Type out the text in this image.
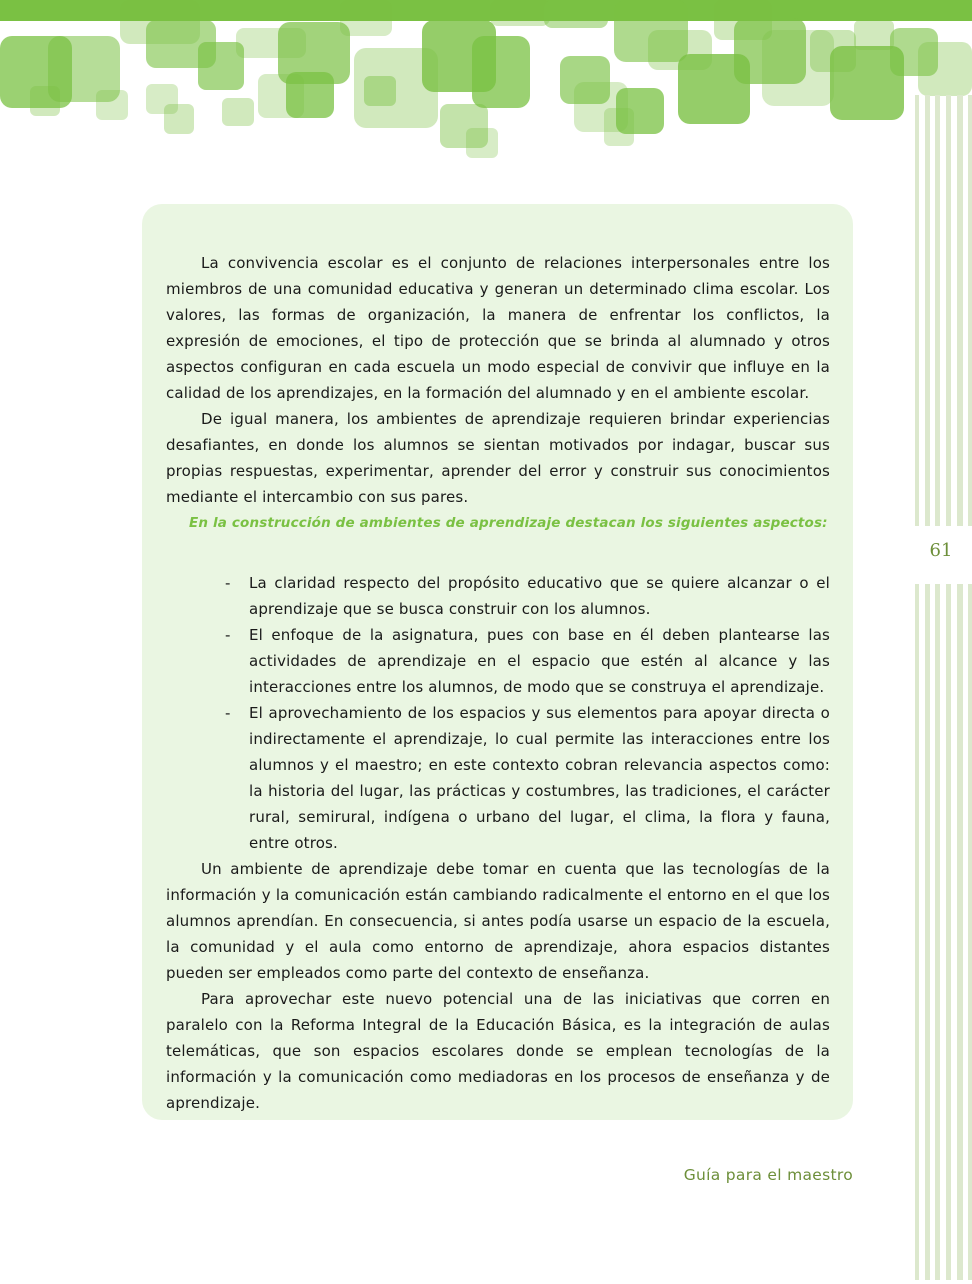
61

La convivencia escolar es el conjunto de relaciones interpersonales entre los miembros de una comunidad educativa y generan un determinado clima escolar. Los valores, las formas de organización, la manera de enfrentar los conflictos, la expresión de emociones, el tipo de protección que se brinda al alumnado y otros aspectos configuran en cada escuela un modo especial de convivir que influye en la calidad de los aprendizajes, en la formación del alumnado y en el ambiente escolar.

De igual manera, los ambientes de aprendizaje requieren brindar experiencias desafiantes, en donde los alumnos se sientan motivados por indagar, buscar sus propias respuestas, experimentar, aprender del error y construir sus conocimientos mediante el intercambio con sus pares.

En la construcción de ambientes de aprendizaje destacan los siguientes aspectos:

- La claridad respecto del propósito educativo que se quiere alcanzar o el aprendizaje que se busca construir con los alumnos.
- El enfoque de la asignatura, pues con base en él deben plantearse las actividades de aprendizaje en el espacio que estén al alcance y las interacciones entre los alumnos, de modo que se construya el aprendizaje.
- El aprovechamiento de los espacios y sus elementos para apoyar directa o indirectamente el aprendizaje, lo cual permite las interacciones entre los alumnos y el maestro; en este contexto cobran relevancia aspectos como: la historia del lugar, las prácticas y costumbres, las tradiciones, el carácter rural, semirural, indígena o urbano del lugar, el clima, la flora y fauna, entre otros.

Un ambiente de aprendizaje debe tomar en cuenta que las tecnologías de la información y la comunicación están cambiando radicalmente el entorno en el que los alumnos aprendían. En consecuencia, si antes podía usarse un espacio de la escuela, la comunidad y el aula como entorno de aprendizaje, ahora espacios distantes pueden ser empleados como parte del contexto de enseñanza.

Para aprovechar este nuevo potencial una de las iniciativas que corren en paralelo con la Reforma Integral de la Educación Básica, es la integración de aulas telemáticas, que son espacios escolares donde se emplean tecnologías de la información y la comunicación como mediadoras en los procesos de enseñanza y de aprendizaje.

Guía para el maestro
